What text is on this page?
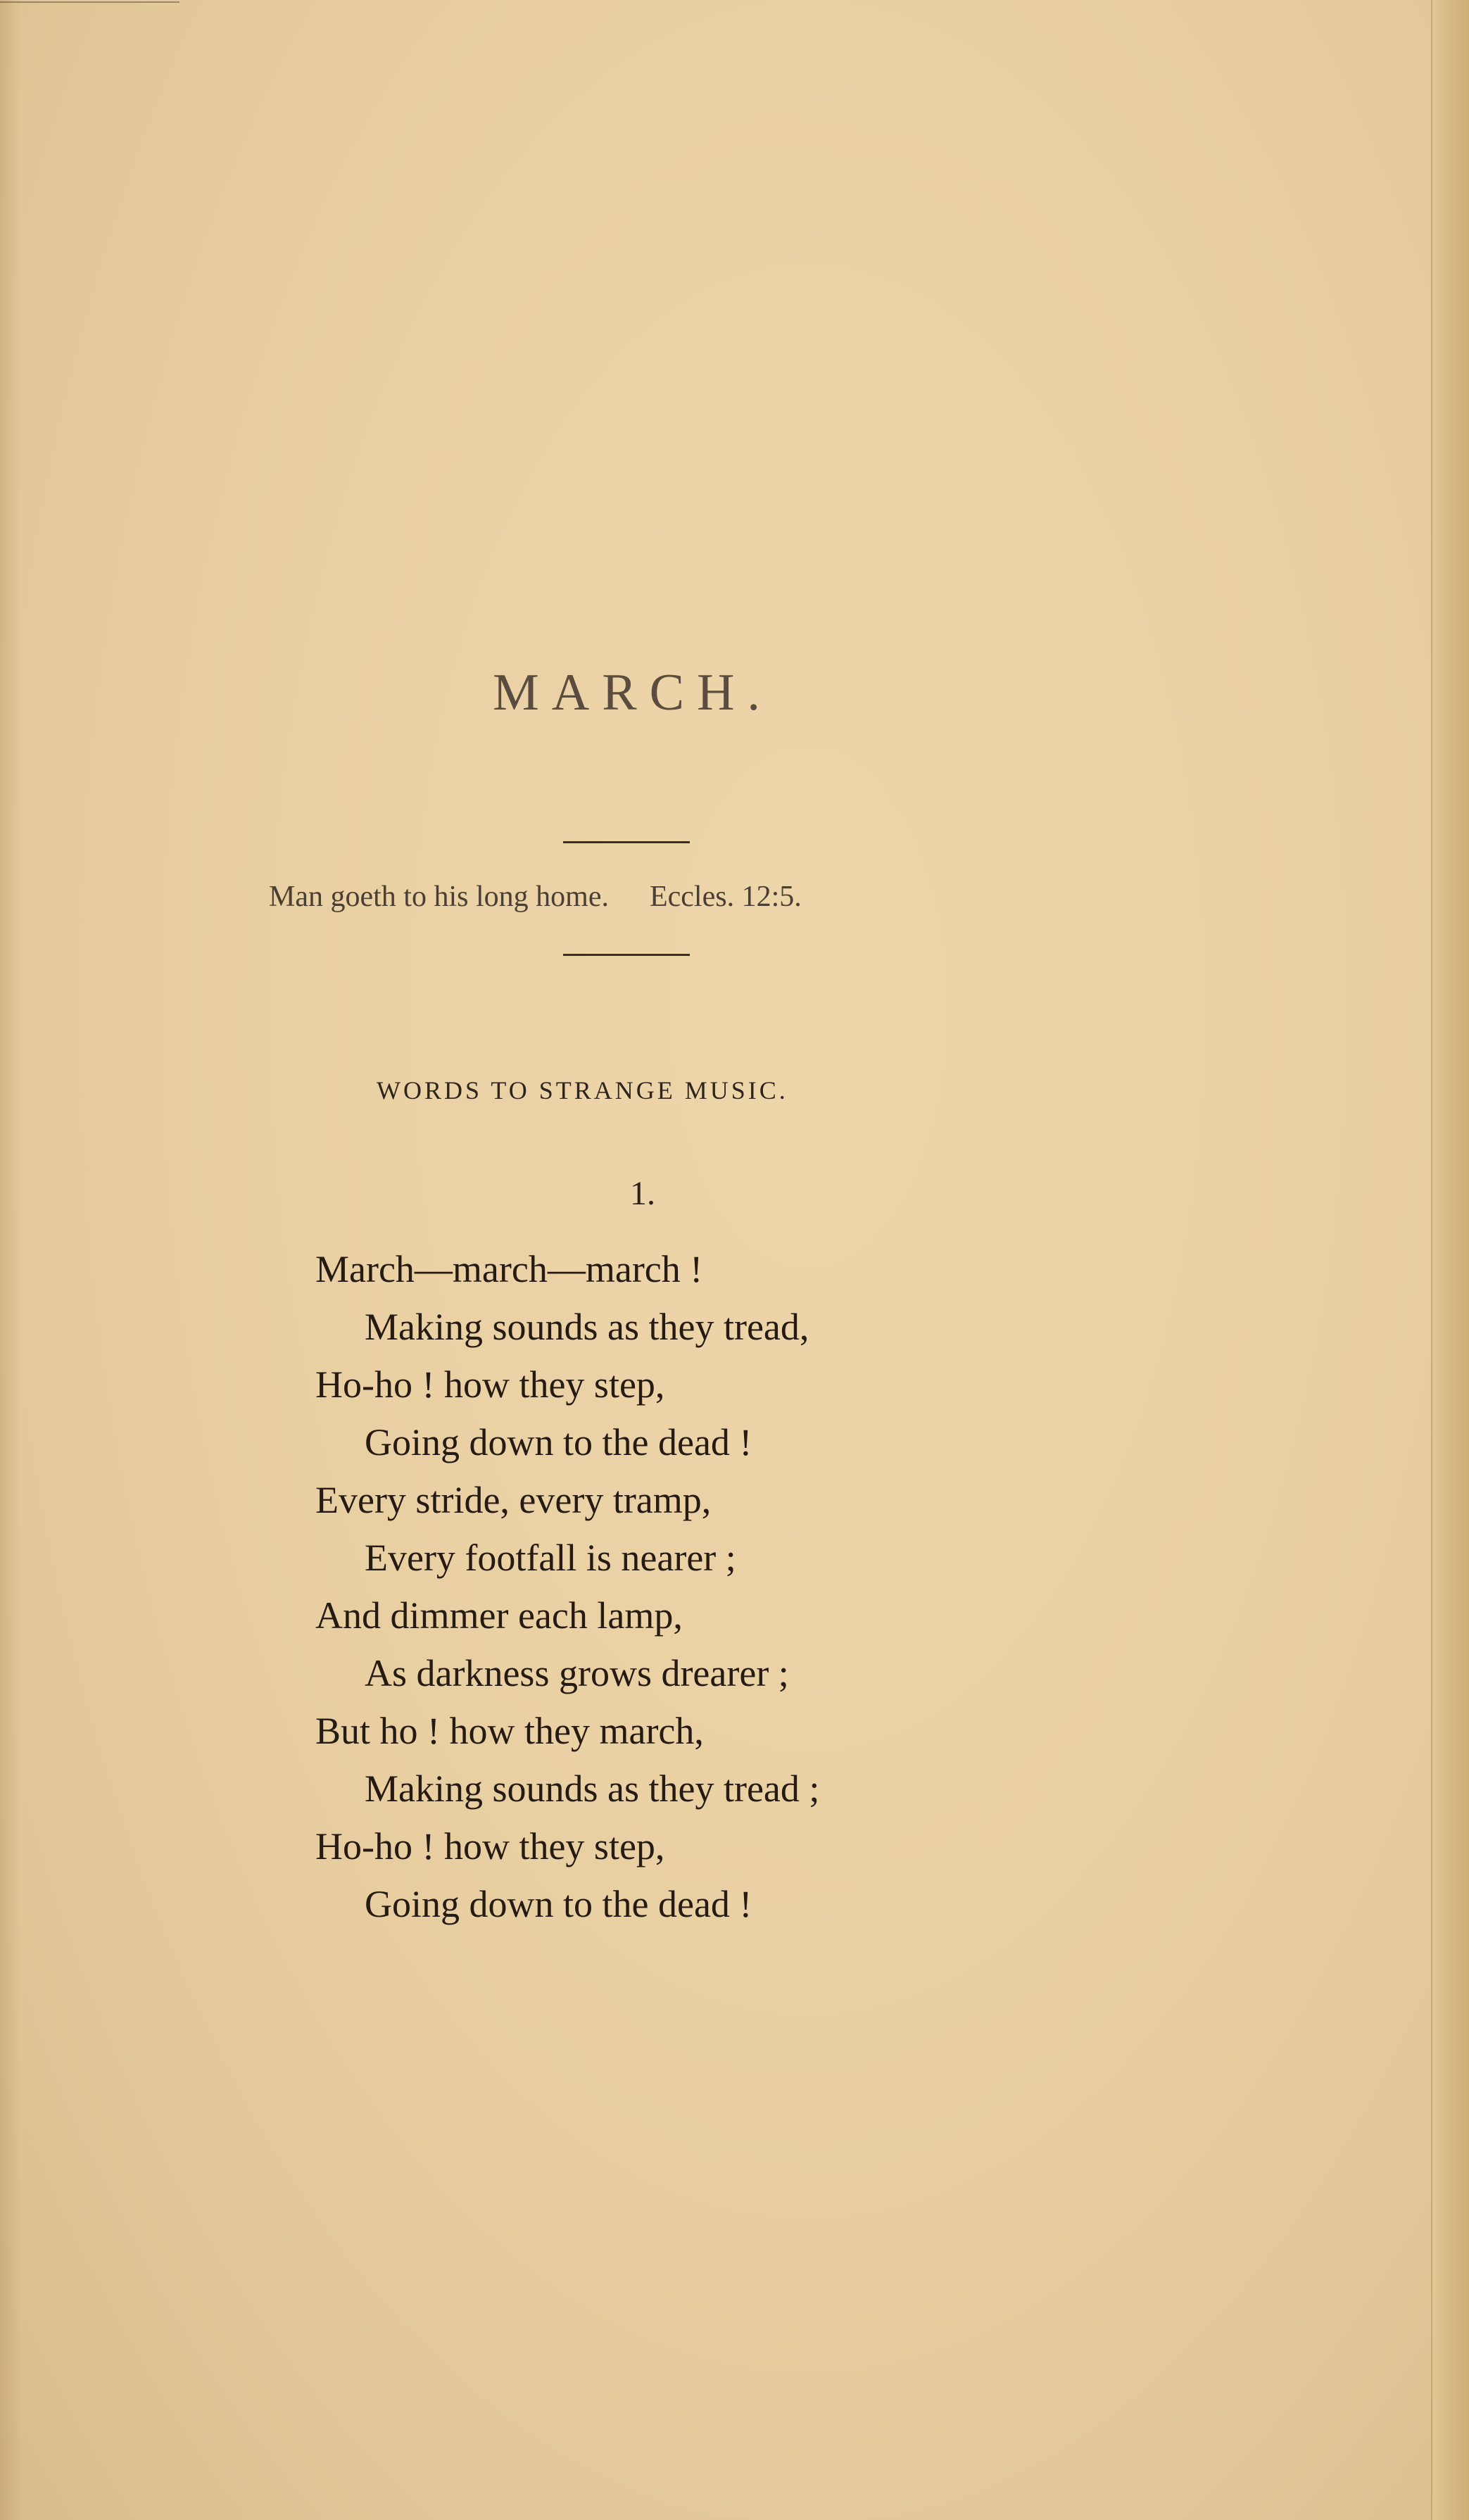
MARCH.
Man goeth to his long home. Eccles. 12:5.
WORDS TO STRANGE MUSIC.
1.
March—march—march !
Making sounds as they tread,
Ho-ho ! how they step,
Going down to the dead !
Every stride, every tramp,
Every footfall is nearer ;
And dimmer each lamp,
As darkness grows drearer ;
But ho ! how they march,
Making sounds as they tread ;
Ho-ho ! how they step,
Going down to the dead !
